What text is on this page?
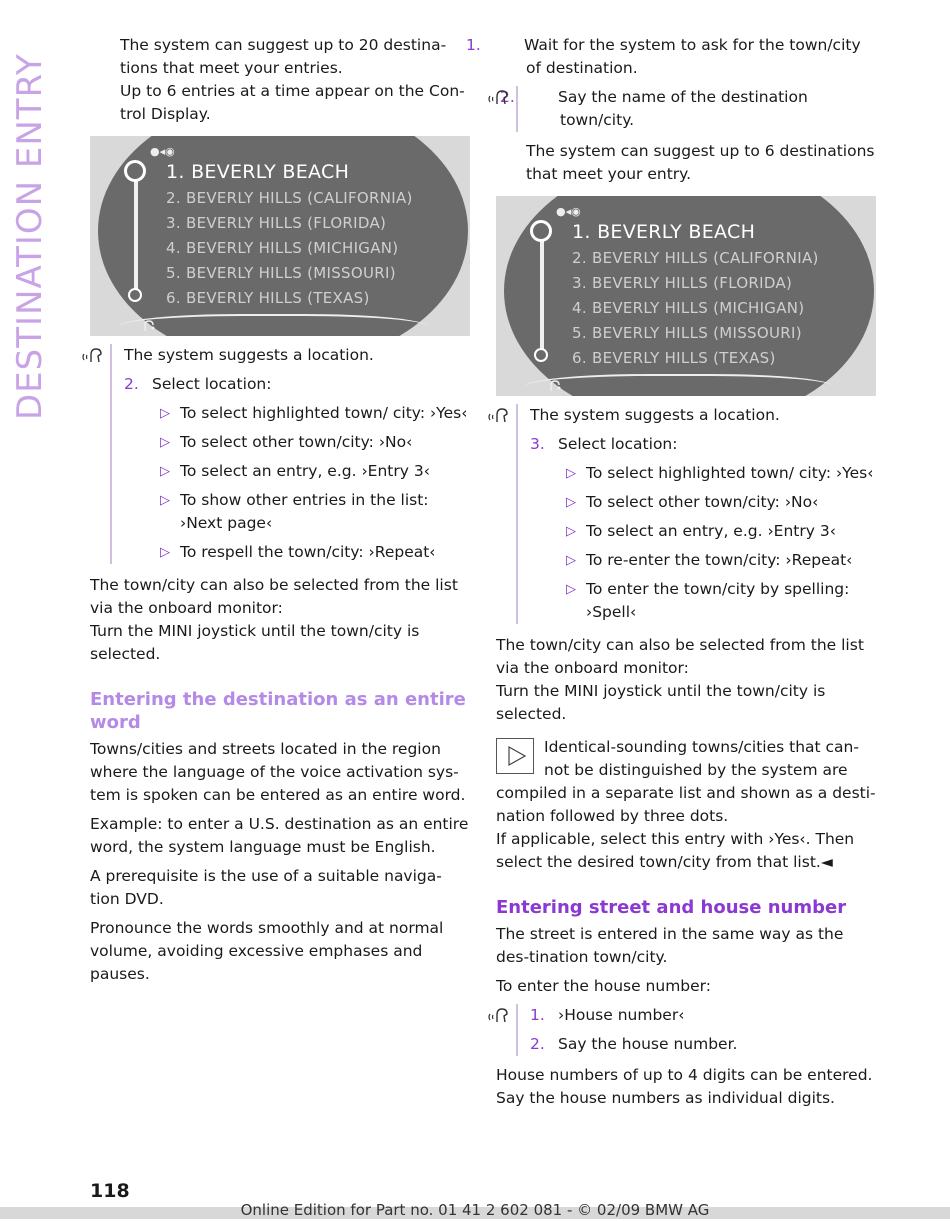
DESTINATION ENTRY

The system can suggest up to 20 destina-tions that meet your entries.

Up to 6 entries at a time appear on the Con-trol Display.

●◂◉
1. BEVERLY BEACH
2. BEVERLY HILLS (CALIFORNIA)
3. BEVERLY HILLS (FLORIDA)
4. BEVERLY HILLS (MICHIGAN)
5. BEVERLY HILLS (MISSOURI)
6. BEVERLY HILLS (TEXAS)

The system suggests a location.

2. Select location:

▷ To select highlighted town/ city: ›Yes‹
▷ To select other town/city: ›No‹
▷ To select an entry, e.g. ›Entry 3‹
▷ To show other entries in the list: ›Next page‹
▷ To respell the town/city: ›Repeat‹

The town/city can also be selected from the list via the onboard monitor:

Turn the MINI joystick until the town/city is selected.

Entering the destination as an entire word

Towns/cities and streets located in the region where the language of the voice activation sys-tem is spoken can be entered as an entire word.

Example: to enter a U.S. destination as an entire word, the system language must be English.

A prerequisite is the use of a suitable naviga-tion DVD.

Pronounce the words smoothly and at normal volume, avoiding excessive emphases and pauses.

1.	Wait for the system to ask for the town/city of destination.

2.	Say the name of the destination town/city.

The system can suggest up to 6 destinations that meet your entry.

●◂◉
1. BEVERLY BEACH
2. BEVERLY HILLS (CALIFORNIA)
3. BEVERLY HILLS (FLORIDA)
4. BEVERLY HILLS (MICHIGAN)
5. BEVERLY HILLS (MISSOURI)
6. BEVERLY HILLS (TEXAS)

The system suggests a location.

3. Select location:

▷ To select highlighted town/ city: ›Yes‹
▷ To select other town/city: ›No‹
▷ To select an entry, e.g. ›Entry 3‹
▷ To re-enter the town/city: ›Repeat‹
▷ To enter the town/city by spelling: ›Spell‹

The town/city can also be selected from the list via the onboard monitor:

Turn the MINI joystick until the town/city is selected.

Identical-sounding towns/cities that can-not be distinguished by the system are compiled in a separate list and shown as a desti-nation followed by three dots.

If applicable, select this entry with ›Yes‹. Then select the desired town/city from that list.◄

Entering street and house number

The street is entered in the same way as the des-tination town/city.

To enter the house number:

1. ›House number‹

2. Say the house number.

House numbers of up to 4 digits can be entered. Say the house numbers as individual digits.

118
Online Edition for Part no. 01 41 2 602 081 - © 02/09 BMW AG
